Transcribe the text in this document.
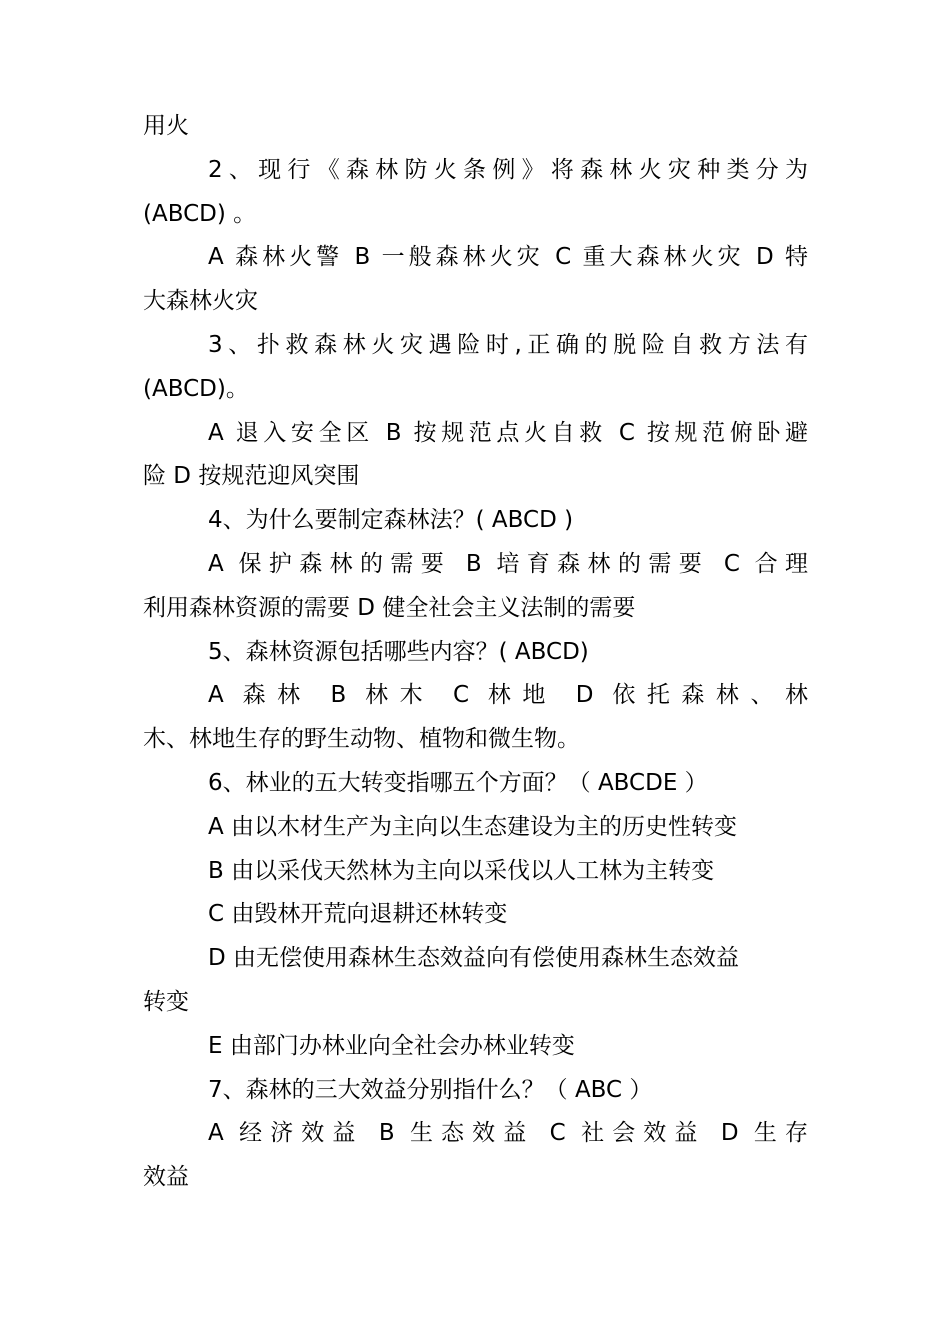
用火
2、现行《森林防火条例》将森林火灾种类分为
(ABCD) 。
A 森林火警 B 一般森林火灾 C 重大森林火灾 D 特
大森林火灾
3、扑救森林火灾遇险时,正确的脱险自救方法有
(ABCD)。
A 退入安全区 B 按规范点火自救 C 按规范俯卧避
险 D 按规范迎风突围
4、为什么要制定森林法？( ABCD )
A 保护森林的需要 B 培育森林的需要 C 合理
利用森林资源的需要 D 健全社会主义法制的需要
5、森林资源包括哪些内容？( ABCD)
A 森林 B 林木 C 林地 D 依托森林、林
木、林地生存的野生动物、植物和微生物。
6、林业的五大转变指哪五个方面？（ ABCDE ）
A 由以木材生产为主向以生态建设为主的历史性转变
B 由以采伐天然林为主向以采伐以人工林为主转变
C 由毁林开荒向退耕还林转变
D 由无偿使用森林生态效益向有偿使用森林生态效益
转变
E 由部门办林业向全社会办林业转变
7、森林的三大效益分别指什么？（ ABC ）
A 经济效益 B 生态效益 C 社会效益 D 生存
效益
